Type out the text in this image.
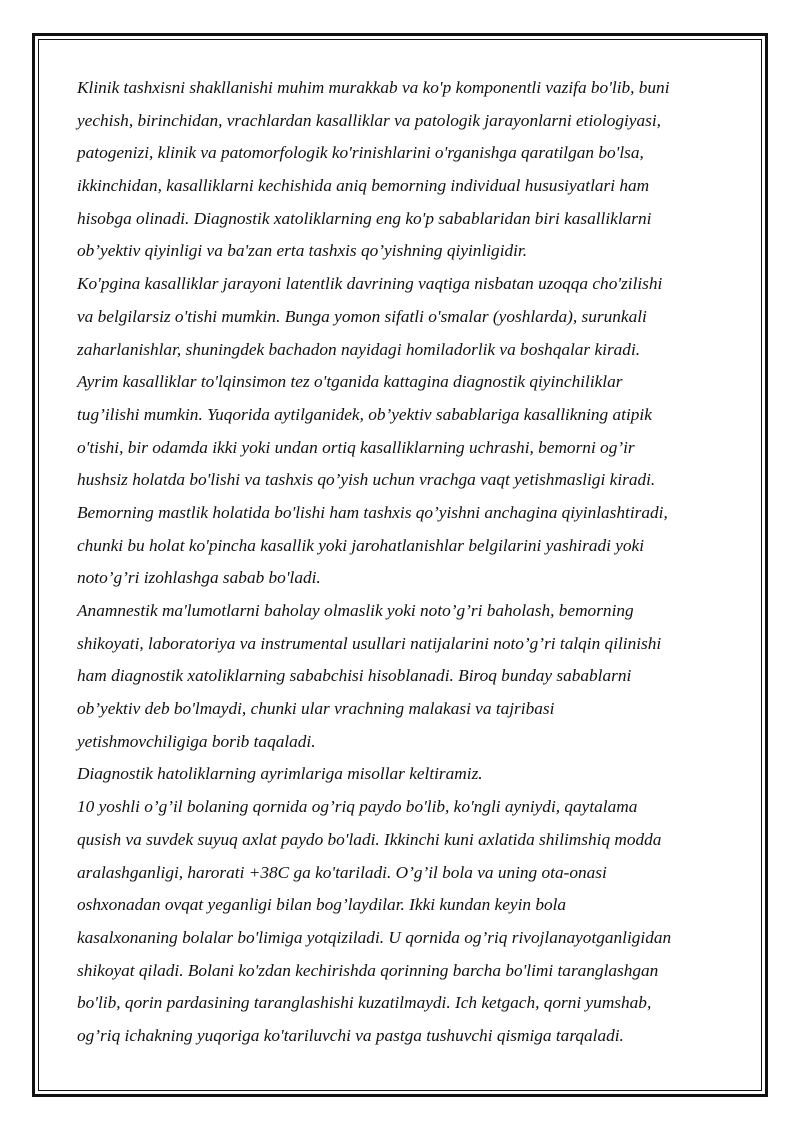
Klinik tashxisni shakllanishi muhim murakkab va ko'p komponentli vazifa bo'lib, buni
yechish, birinchidan, vrachlardan kasalliklar va patologik jarayonlarni etiologiyasi,
patogenizi, klinik va patomorfologik ko'rinishlarini o'rganishga qaratilgan bo'lsa,
ikkinchidan, kasalliklarni kechishida aniq bemorning individual hususiyatlari ham
hisobga olinadi. Diagnostik xatoliklarning eng ko'p sabablaridan biri kasalliklarni
ob’yektiv qiyinligi va ba'zan erta tashxis qo’yishning qiyinligidir.
Ko'pgina kasalliklar jarayoni latentlik davrining vaqtiga nisbatan uzoqqa cho'zilishi
va belgilarsiz o'tishi mumkin. Bunga yomon sifatli o'smalar (yoshlarda), surunkali
zaharlanishlar, shuningdek bachadon nayidagi homiladorlik va boshqalar kiradi.
Ayrim kasalliklar to'lqinsimon tez o'tganida kattagina diagnostik qiyinchiliklar
tug’ilishi mumkin. Yuqorida aytilganidek, ob’yektiv sabablariga kasallikning atipik
o'tishi, bir odamda ikki yoki undan ortiq kasalliklarning uchrashi, bemorni og’ir
hushsiz holatda bo'lishi va tashxis qo’yish uchun vrachga vaqt yetishmasligi kiradi.
Bemorning mastlik holatida bo'lishi ham tashxis qo’yishni anchagina qiyinlashtiradi,
chunki bu holat ko'pincha kasallik yoki jarohatlanishlar belgilarini yashiradi yoki
noto’g’ri izohlashga sabab bo'ladi.
Anamnestik ma'lumotlarni baholay olmaslik yoki noto’g’ri baholash, bemorning
shikoyati, laboratoriya va instrumental usullari natijalarini noto’g’ri talqin qilinishi
ham diagnostik xatoliklarning sababchisi hisoblanadi. Biroq bunday sabablarni
ob’yektiv deb bo'lmaydi, chunki ular vrachning malakasi va tajribasi
yetishmovchiligiga borib taqaladi.
Diagnostik hatoliklarning ayrimlariga misollar keltiramiz.
10 yoshli o’g’il bolaning qornida og’riq paydo bo'lib, ko'ngli ayniydi, qaytalama
qusish va suvdek suyuq axlat paydo bo'ladi. Ikkinchi kuni axlatida shilimshiq modda
aralashganligi, harorati +38C ga ko'tariladi. O’g’il bola va uning ota-onasi
oshxonadan ovqat yeganligi bilan bog’laydilar. Ikki kundan keyin bola
kasalxonaning bolalar bo'limiga yotqiziladi. U qornida og’riq rivojlanayotganligidan
shikoyat qiladi. Bolani ko'zdan kechirishda qorinning barcha bo'limi taranglashgan
bo'lib, qorin pardasining taranglashishi kuzatilmaydi. Ich ketgach, qorni yumshab,
og’riq ichakning yuqoriga ko'tariluvchi va pastga tushuvchi qismiga tarqaladi.
